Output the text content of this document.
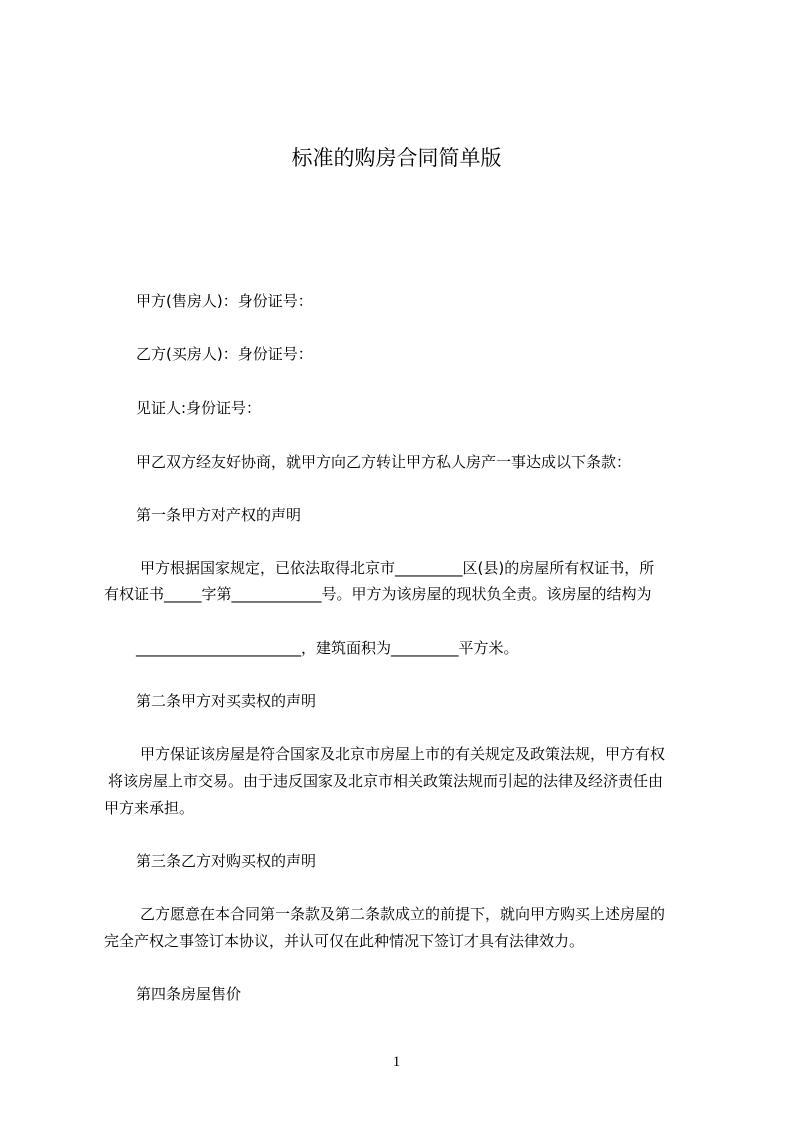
标准的购房合同简单版
甲方(售房人)：身份证号：
乙方(买房人)：身份证号：
见证人:身份证号：
甲乙双方经友好协商，就甲方向乙方转让甲方私人房产一事达成以下条款：
第一条甲方对产权的声明
甲方根据国家规定，已依法取得北京市_________区(县)的房屋所有权证书，所
有权证书_____字第____________号。甲方为该房屋的现状负全责。该房屋的结构为
______________________，建筑面积为_________平方米。
第二条甲方对买卖权的声明
甲方保证该房屋是符合国家及北京市房屋上市的有关规定及政策法规，甲方有权
将该房屋上市交易。由于违反国家及北京市相关政策法规而引起的法律及经济责任由
甲方来承担。
第三条乙方对购买权的声明
乙方愿意在本合同第一条款及第二条款成立的前提下，就向甲方购买上述房屋的
完全产权之事签订本协议，并认可仅在此种情况下签订才具有法律效力。
第四条房屋售价
1
